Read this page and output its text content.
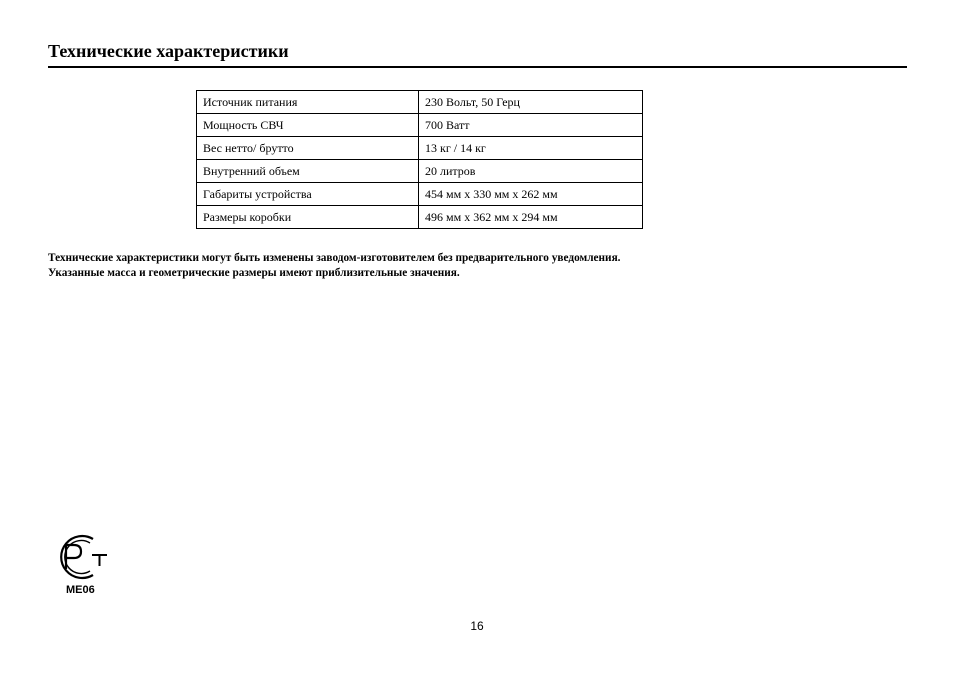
Технические характеристики
Источник питания	230 Вольт, 50 Герц
Мощность СВЧ	700 Ватт
Вес нетто/ брутто	13 кг / 14 кг
Внутренний объем	20 литров
Габариты устройства	454 мм х 330 мм х 262 мм
Размеры коробки	496 мм х 362 мм х 294 мм
Технические характеристики могут быть изменены заводом-изготовителем без предварительного уведомления.
Указанные масса и геометрические размеры имеют приблизительные значения.
МЕ06
16
